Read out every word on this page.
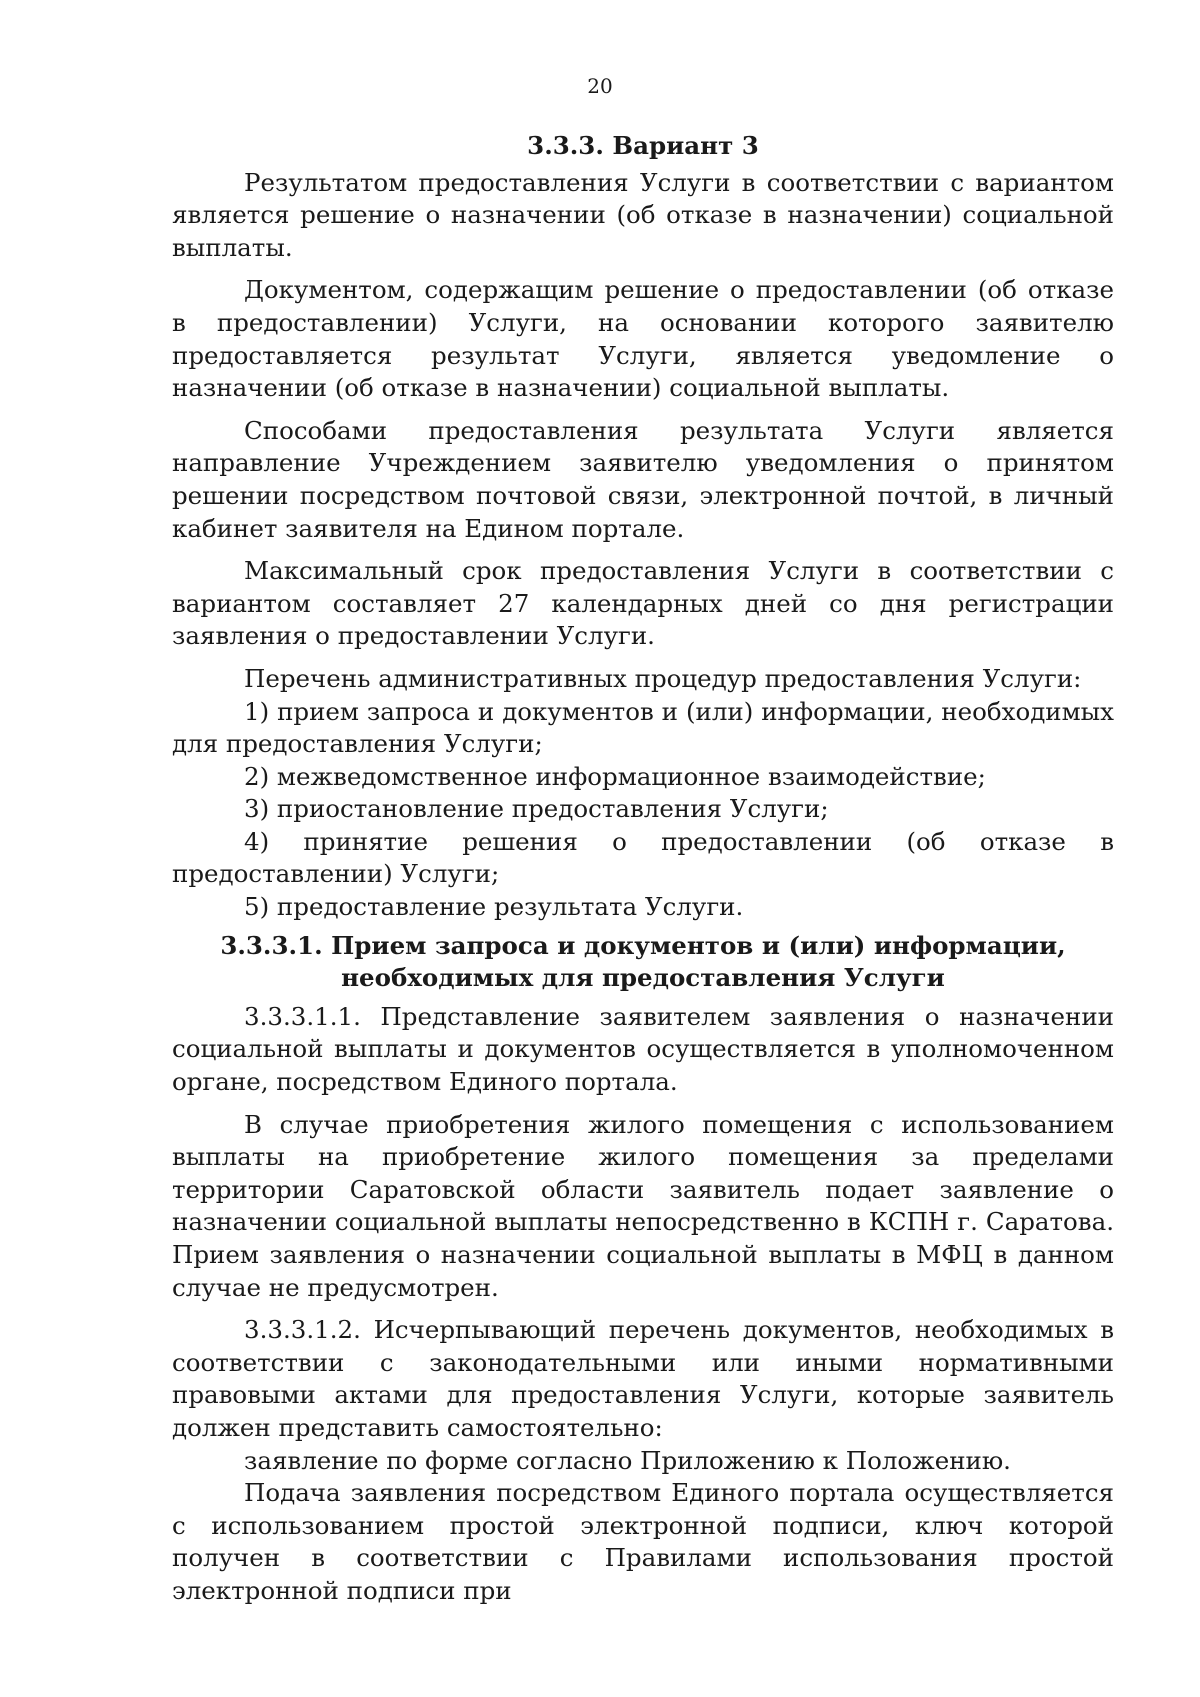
20

3.3.3. Вариант 3

Результатом предоставления Услуги в соответствии с вариантом является решение о назначении (об отказе в назначении) социальной выплаты.

Документом, содержащим решение о предоставлении (об отказе в предоставлении) Услуги, на основании которого заявителю предоставляется результат Услуги, является уведомление о назначении (об отказе в назначении) социальной выплаты.

Способами предоставления результата Услуги является направление Учреждением заявителю уведомления о принятом решении посредством почтовой связи, электронной почтой, в личный кабинет заявителя на Едином портале.

Максимальный срок предоставления Услуги в соответствии с вариантом составляет 27 календарных дней со дня регистрации заявления о предоставлении Услуги.

Перечень административных процедур предоставления Услуги:

1) прием запроса и документов и (или) информации, необходимых для предоставления Услуги;

2) межведомственное информационное взаимодействие;

3) приостановление предоставления Услуги;

4) принятие решения о предоставлении (об отказе в предоставлении) Услуги;

5) предоставление результата Услуги.

3.3.3.1. Прием запроса и документов и (или) информации, необходимых для предоставления Услуги

3.3.3.1.1. Представление заявителем заявления о назначении социальной выплаты и документов осуществляется в уполномоченном органе, посредством Единого портала.

В случае приобретения жилого помещения с использованием выплаты на приобретение жилого помещения за пределами территории Саратовской области заявитель подает заявление о назначении социальной выплаты непосредственно в КСПН г. Саратова. Прием заявления о назначении социальной выплаты в МФЦ в данном случае не предусмотрен.

3.3.3.1.2. Исчерпывающий перечень документов, необходимых в соответствии с законодательными или иными нормативными правовыми актами для предоставления Услуги, которые заявитель должен представить самостоятельно:

заявление по форме согласно Приложению к Положению.

Подача заявления посредством Единого портала осуществляется с использованием простой электронной подписи, ключ которой получен в соответствии с Правилами использования простой электронной подписи при
